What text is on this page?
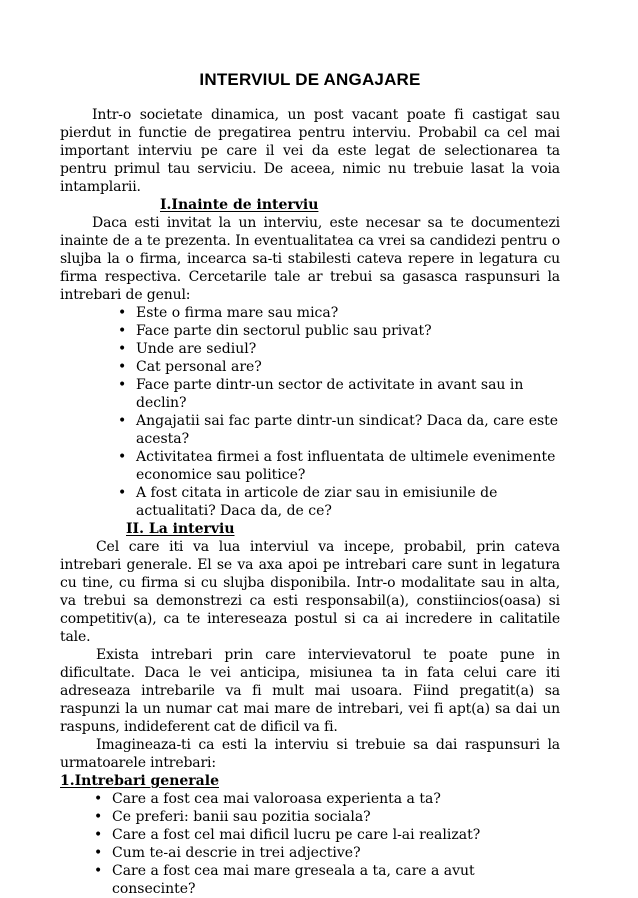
INTERVIUL DE ANGAJARE

Intr-o societate dinamica, un post vacant poate fi castigat sau pierdut in functie de pregatirea pentru interviu. Probabil ca cel mai important interviu pe care il vei da este legat de selectionarea ta pentru primul tau serviciu. De aceea, nimic nu trebuie lasat la voia intamplarii.

I.Inainte de interviu

Daca esti invitat la un interviu, este necesar sa te documentezi inainte de a te prezenta. In eventualitatea ca vrei sa candidezi pentru o slujba la o firma, incearca sa-ti stabilesti cateva repere in legatura cu firma respectiva. Cercetarile tale ar trebui sa gasasca raspunsuri la intrebari de genul:

• Este o firma mare sau mica?
• Face parte din sectorul public sau privat?
• Unde are sediul?
• Cat personal are?
• Face parte dintr-un sector de activitate in avant sau in declin?
• Angajatii sai fac parte dintr-un sindicat? Daca da, care este acesta?
• Activitatea firmei a fost influentata de ultimele evenimente economice sau politice?
• A fost citata in articole de ziar sau in emisiunile de actualitati? Daca da, de ce?
II. La interviu

Cel care iti va lua interviul va incepe, probabil, prin cateva intrebari generale. El se va axa apoi pe intrebari care sunt in legatura cu tine, cu firma si cu slujba disponibila. Intr-o modalitate sau in alta, va trebui sa demonstrezi ca esti responsabil(a), constiincios(oasa) si competitiv(a), ca te intereseaza postul si ca ai incredere in calitatile tale.

Exista intrebari prin care intervievatorul te poate pune in dificultate. Daca le vei anticipa, misiunea ta in fata celui care iti adreseaza intrebarile va fi mult mai usoara. Fiind pregatit(a) sa raspunzi la un numar cat mai mare de intrebari, vei fi apt(a) sa dai un raspuns, indideferent cat de dificil va fi.

Imagineaza-ti ca esti la interviu si trebuie sa dai raspunsuri la urmatoarele intrebari:

1.Intrebari generale
• Care a fost cea mai valoroasa experienta a ta?
• Ce preferi: banii sau pozitia sociala?
• Care a fost cel mai dificil lucru pe care l-ai realizat?
• Cum te-ai descrie in trei adjective?
• Care a fost cea mai mare greseala a ta, care a avut consecinte?
